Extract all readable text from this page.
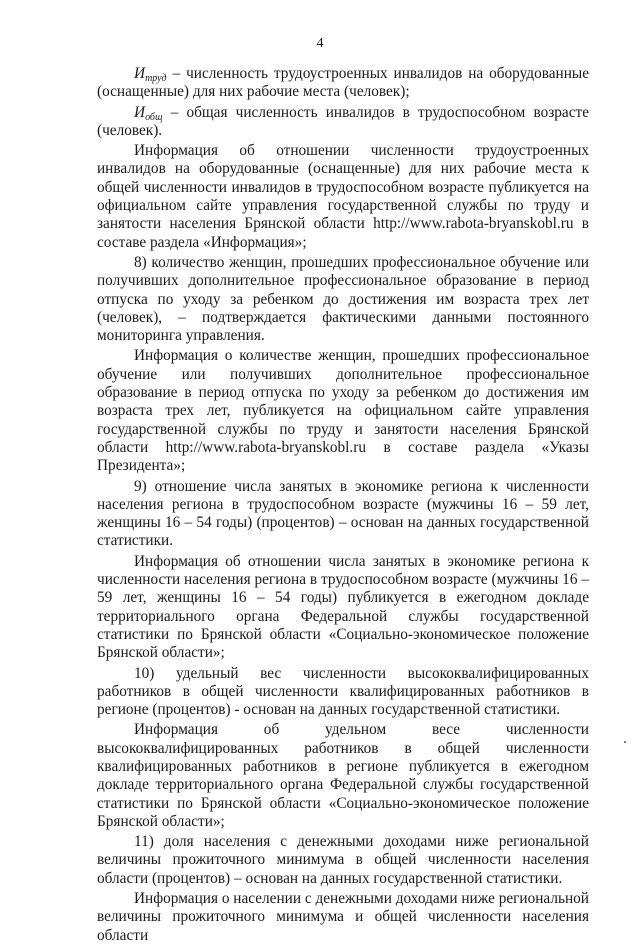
4

$И_{труд}$ – численность трудоустроенных инвалидов на оборудованные (оснащенные) для них рабочие места (человек);

$И_{общ}$ – общая численность инвалидов в трудоспособном возрасте (человек).

Информация об отношении численности трудоустроенных инвалидов на оборудованные (оснащенные) для них рабочие места к общей численности инвалидов в трудоспособном возрасте публикуется на официальном сайте управления государственной службы по труду и занятости населения Брянской области http://www.rabota-bryanskobl.ru в составе раздела «Информация»;

8) количество женщин, прошедших профессиональное обучение или получивших дополнительное профессиональное образование в период отпуска по уходу за ребенком до достижения им возраста трех лет (человек), – подтверждается фактическими данными постоянного мониторинга управления.

Информация о количестве женщин, прошедших профессиональное обучение или получивших дополнительное профессиональное образование в период отпуска по уходу за ребенком до достижения им возраста трех лет, публикуется на официальном сайте управления государственной службы по труду и занятости населения Брянской области http://www.rabota-bryanskobl.ru в составе раздела «Указы Президента»;

9) отношение числа занятых в экономике региона к численности населения региона в трудоспособном возрасте (мужчины 16 – 59 лет, женщины 16 – 54 годы) (процентов) – основан на данных государственной статистики.

Информация об отношении числа занятых в экономике региона к численности населения региона в трудоспособном возрасте (мужчины 16 – 59 лет, женщины 16 – 54 годы) публикуется в ежегодном докладе территориального органа Федеральной службы государственной статистики по Брянской области «Социально-экономическое положение Брянской области»;

10) удельный вес численности высококвалифицированных работников в общей численности квалифицированных работников в регионе (процентов) - основан на данных государственной статистики.

Информация об удельном весе численности высококвалифицированных работников в общей численности квалифицированных работников в регионе публикуется в ежегодном докладе территориального органа Федеральной службы государственной статистики по Брянской области «Социально-экономическое положение Брянской области»;

11) доля населения с денежными доходами ниже региональной величины прожиточного минимума в общей численности населения области (процентов) – основан на данных государственной статистики.

Информация о населении с денежными доходами ниже региональной величины прожиточного минимума и общей численности населения области
